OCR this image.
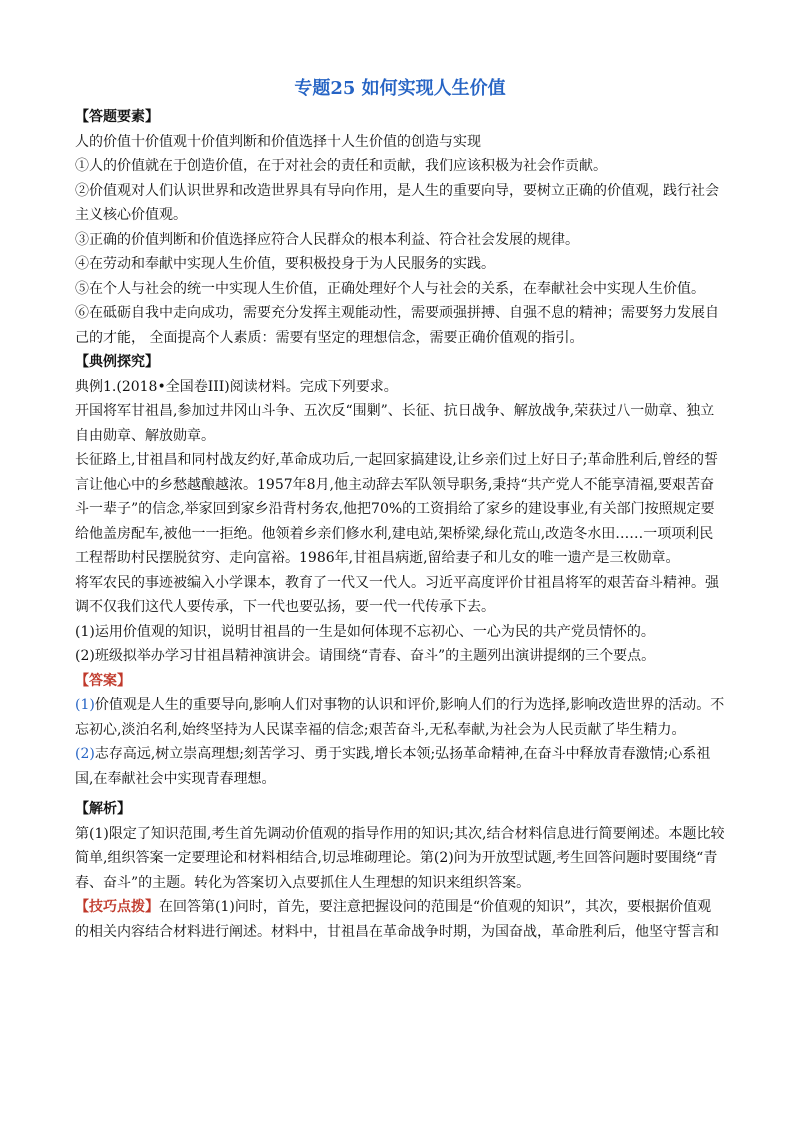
专题25 如何实现人生价值
【答题要素】
人的价值十价值观十价值判断和价值选择十人生价值的创造与实现
①人的价值就在于创造价值，在于对社会的责任和贡献，我们应该积极为社会作贡献。
②价值观对人们认识世界和改造世界具有导向作用，是人生的重要向导，要树立正确的价值观，践行社会主义核心价值观。
③正确的价值判断和价值选择应符合人民群众的根本利益、符合社会发展的规律。
④在劳动和奉献中实现人生价值，要积极投身于为人民服务的实践。
⑤在个人与社会的统一中实现人生价值，正确处理好个人与社会的关系，在奉献社会中实现人生价值。
⑥在砥砺自我中走向成功，需要充分发挥主观能动性，需要顽强拼搏、自强不息的精神；需要努力发展自己的才能， 全面提高个人素质：需要有坚定的理想信念，需要正确价值观的指引。
【典例探究】
典例1.(2018•全国卷III)阅读材料。完成下列要求。
开国将军甘祖昌,参加过井冈山斗争、五次反“围剿”、长征、抗日战争、解放战争,荣获过八一勋章、独立自由勋章、解放勋章。
长征路上,甘祖昌和同村战友约好,革命成功后,一起回家搞建设,让乡亲们过上好日子;革命胜利后,曾经的誓言让他心中的乡愁越酿越浓。1957年8月,他主动辞去军队领导职务,秉持“共产党人不能享清福,要艰苦奋斗一辈子”的信念,举家回到家乡沿背村务农,他把70%的工资捐给了家乡的建设事业,有关部门按照规定要给他盖房配车,被他一一拒绝。他领着乡亲们修水利,建电站,架桥梁,绿化荒山,改造冬水田……一项项利民工程帮助村民摆脱贫穷、走向富裕。1986年,甘祖昌病逝,留给妻子和儿女的唯一遗产是三枚勋章。
将军农民的事迹被编入小学课本，教育了一代又一代人。习近平高度评价甘祖昌将军的艰苦奋斗精神。强调不仅我们这代人要传承，下一代也要弘扬，要一代一代传承下去。
(1)运用价值观的知识，说明甘祖昌的一生是如何体现不忘初心、一心为民的共产党员情怀的。
(2)班级拟举办学习甘祖昌精神演讲会。请围绕“青春、奋斗”的主题列出演讲提纲的三个要点。
【答案】
(1)价值观是人生的重要导向,影响人们对事物的认识和评价,影响人们的行为选择,影响改造世界的活动。不忘初心,淡泊名利,始终坚持为人民谋幸福的信念;艰苦奋斗,无私奉献,为社会为人民贡献了毕生精力。
(2)志存高远,树立崇高理想;刻苦学习、勇于实践,增长本领;弘扬革命精神,在奋斗中释放青春激情;心系祖国,在奉献社会中实现青春理想。
【解析】
第(1)限定了知识范围,考生首先调动价值观的指导作用的知识;其次,结合材料信息进行简要阐述。本题比较简单,组织答案一定要理论和材料相结合,切忌堆砌理论。第(2)问为开放型试题,考生回答问题时要围绕“青春、奋斗”的主题。转化为答案切入点要抓住人生理想的知识来组织答案。
【技巧点拨】在回答第(1)问时，首先，要注意把握设问的范围是“价值观的知识”，其次，要根据价值观的相关内容结合材料进行阐述。材料中，甘祖昌在革命战争时期，为国奋战，革命胜利后，他坚守誓言和
